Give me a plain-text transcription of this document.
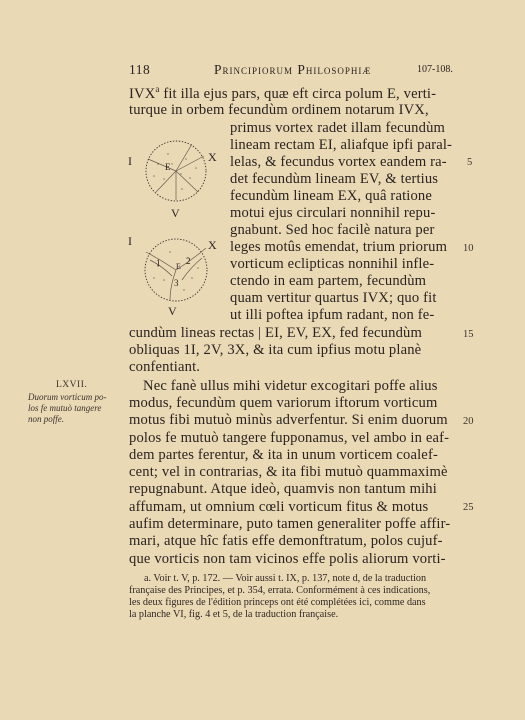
118	Principiorum Philosophiæ	107-108.
IVX$^a$ fit illa ejus pars, quæ eft circa polum E, verti-
turque in orbem fecundùm ordinem notarum IVX,
primus vortex radet illam fecundùm
lineam rectam EI, aliafque ipfi paral-
lelas, & fecundus vortex eandem ra-
det fecundùm lineam EV, & tertius
fecundùm lineam EX, quâ ratione
motui ejus circulari nonnihil repu-
gnabunt. Sed hoc facilè natura per
leges motûs emendat, trium priorum
vorticum eclipticas nonnihil infle-
ctendo in eam partem, fecundùm
quam vertitur quartus IVX; quo fit
ut illi poftea ipfum radant, non fe-
cundùm lineas rectas | EI, EV, EX, fed fecundùm
obliquas 1I, 2V, 3X, & ita cum ipfius motu planè
confentiant.
Nec fanè ullus mihi videtur excogitari poffe alius
modus, fecundùm quem variorum iftorum vorticum
motus fibi mutuò minùs adverfentur. Si enim duorum
polos fe mutuò tangere fupponamus, vel ambo in eaf-
dem partes ferentur, & ita in unum vorticem coalef-
cent; vel in contrarias, & ita fibi mutuò quammaximè
repugnabunt. Atque ideò, quamvis non tantum mihi
affumam, ut omnium cœli vorticum fitus & motus
aufim determinare, puto tamen generaliter poffe affir-
mari, atque hîc fatis effe demonftratum, polos cujuf-
que vorticis non tam vicinos effe polis aliorum vorti-
5
10
15
20
25
LXVII.
Duorum vorticum po-
los fe mutuò tangere
non poffe.
I	X
V
E
I	X
V
1	2
3
E
a. Voir t. V, p. 172. — Voir aussi t. IX, p. 137, note d, de la traduction
française des Principes, et p. 354, errata. Conformément à ces indications,
les deux figures de l'édition princeps ont été complétées ici, comme dans
la planche VI, fig. 4 et 5, de la traduction française.
